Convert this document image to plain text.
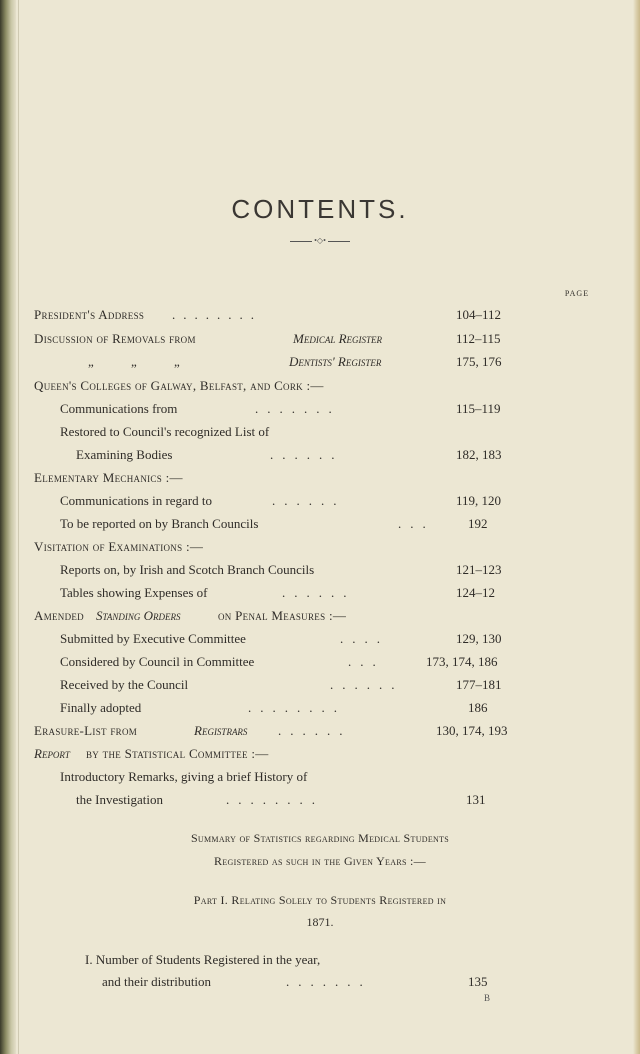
CONTENTS.
•◇•
PAGE
President's Address ........	104–112
Discussion of Removals from	Medical Register	112–115
„ „ „	Dentists' Register	175, 176
Queen's Colleges of Galway, Belfast, and Cork :—
Communications from	.......	115–119
Restored to Council's recognized List of
Examining Bodies	......	182, 183
Elementary Mechanics :—
Communications in regard to	......	119, 120
To be reported on by Branch Councils	...	192
Visitation of Examinations :—
Reports on, by Irish and Scotch Branch Councils	121–123
Tables showing Expenses of	......	124–12
Amended Standing Orders	on Penal Measures :—
Submitted by Executive Committee	....	129, 130
Considered by Council in Committee	...	173, 174, 186
Received by the Council	......	177–181
Finally adopted	........	186
Erasure-List from	Registrars ......	130, 174, 193
Report by the Statistical Committee :—
Introductory Remarks, giving a brief History of
the Investigation	........	131
Summary of Statistics regarding Medical Students
Registered as such in the Given Years :—
Part I. Relating Solely to Students Registered in
1871.
I. Number of Students Registered in the year,
and their distribution	.......	135
B
